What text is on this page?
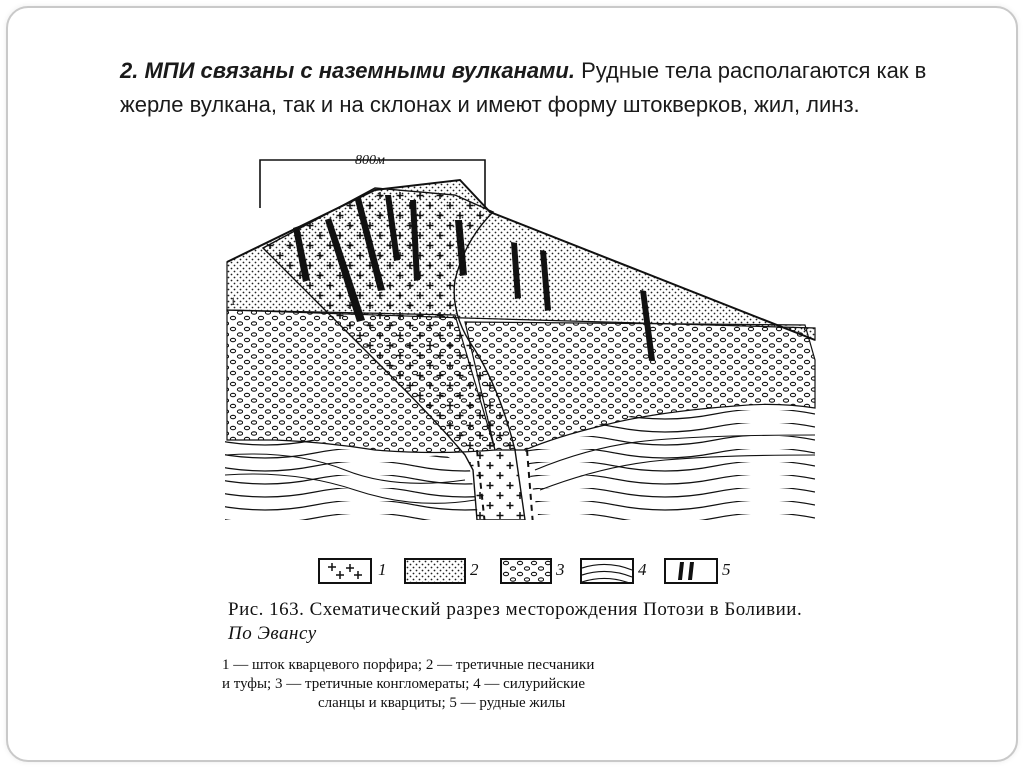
2. МПИ связаны с наземными вулканами. Рудные тела располагаются как в жерле вулкана, так и на склонах и имеют форму штокверков, жил, линз.
800м
1
1	2	3	4	5
Рис. 163. Схематический разрез месторождения Потози в Боливии. По Эвансу
1 — шток кварцевого порфира; 2 — третичные песчаники
и туфы; 3 — третичные конгломераты; 4 — силурийские
сланцы и кварциты; 5 — рудные жилы
